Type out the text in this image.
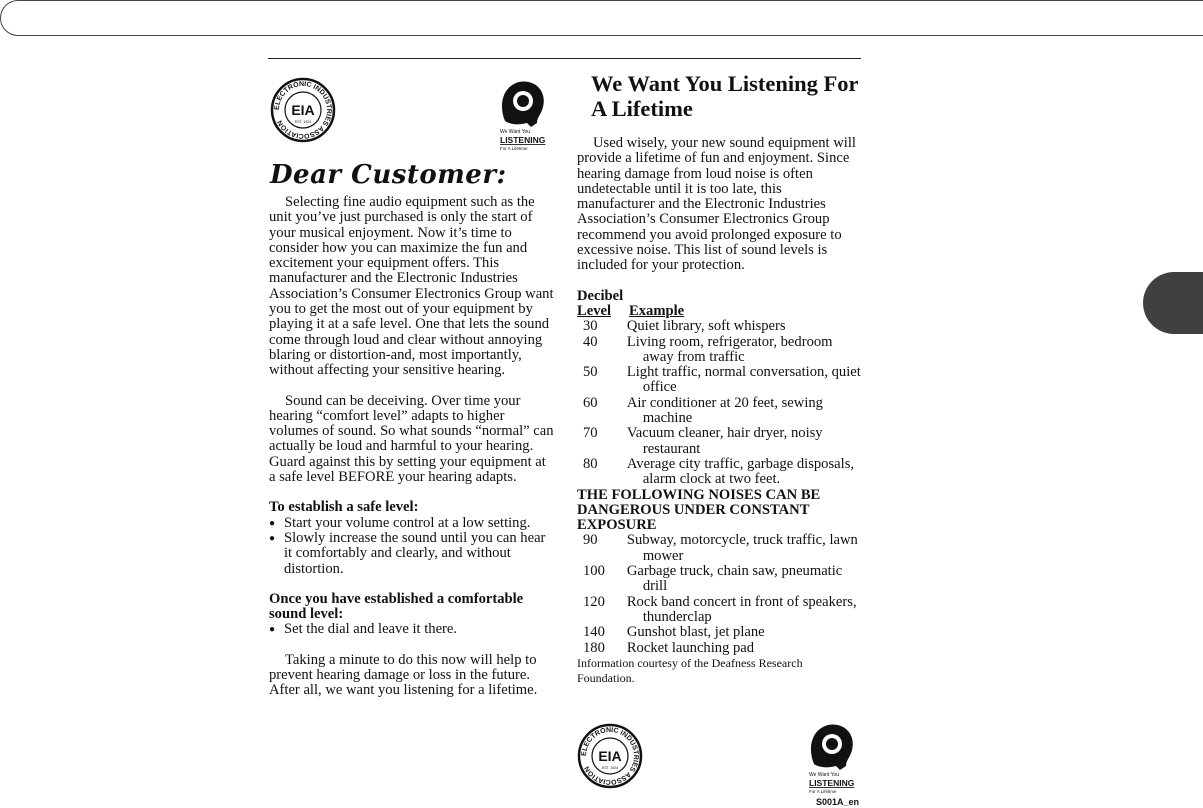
ELECTRONIC INDUSTRIES ASSOCIATION
EIA
EST. 1924
We Want You
LISTENING
For A Lifetime
Dear Customer:

Selecting fine audio equipment such as the unit you’ve just purchased is only the start of your musical enjoyment. Now it’s time to consider how you can maximize the fun and excitement your equipment offers. This manufacturer and the Electronic Industries Association’s Consumer Electronics Group want you to get the most out of your equipment by playing it at a safe level. One that lets the sound come through loud and clear without annoying blaring or distortion-and, most importantly, without affecting your sensitive hearing.

Sound can be deceiving. Over time your hearing “comfort level” adapts to higher volumes of sound. So what sounds “normal” can actually be loud and harmful to your hearing. Guard against this by setting your equipment at a safe level BEFORE your hearing adapts.

To establish a safe level:

● Start your volume control at a low setting.

● Slowly increase the sound until you can hear it comfortably and clearly, and without distortion.

Once you have established a comfortable sound level:

● Set the dial and leave it there.

Taking a minute to do this now will help to prevent hearing damage or loss in the future. After all, we want you listening for a lifetime.

We Want You Listening For A Lifetime

Used wisely, your new sound equipment will provide a lifetime of fun and enjoyment. Since hearing damage from loud noise is often undetectable until it is too late, this manufacturer and the Electronic Industries Association’s Consumer Electronics Group recommend you avoid prolonged exposure to excessive noise. This list of sound levels is included for your protection.

Decibel
Level	Example
30	Quiet library, soft whispers
40	Living room, refrigerator, bedroom away from traffic
50	Light traffic, normal conversation, quiet office
60	Air conditioner at 20 feet, sewing machine
70	Vacuum cleaner, hair dryer, noisy restaurant
80	Average city traffic, garbage disposals, alarm clock at two feet.

THE FOLLOWING NOISES CAN BE DANGEROUS UNDER CONSTANT EXPOSURE

90	Subway, motorcycle, truck traffic, lawn mower
100	Garbage truck, chain saw, pneumatic drill
120	Rock band concert in front of speakers, thunderclap
140	Gunshot blast, jet plane
180	Rocket launching pad

Information courtesy of the Deafness Research Foundation.

ELECTRONIC INDUSTRIES ASSOCIATION
EIA
EST. 1924
We Want You
LISTENING
For A Lifetime
S001A_en
